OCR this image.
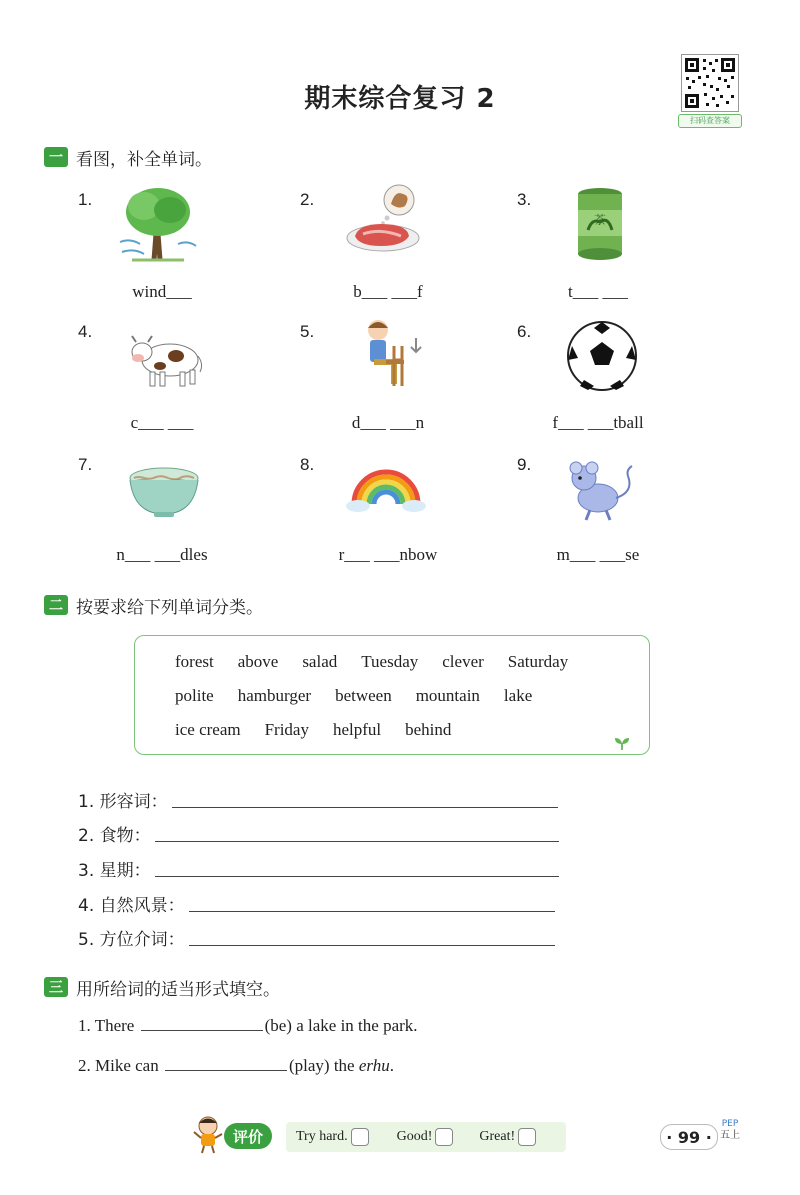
期末综合复习 2
扫码查答案
一 看图，补全单词。
1.	2.	3.
4.	5.	6.
7.	8.	9.
茶
wind___	b___ ___f	t___ ___
c___ ___	d___ ___n	f___ ___tball
n___ ___dles	r___ ___nbow	m___ ___se
二 按要求给下列单词分类。
forest above salad Tuesday clever Saturday
polite hamburger between mountain lake
ice cream Friday helpful behind
1. 形容词：
2. 食物：
3. 星期：
4. 自然风景：
5. 方位介词：
三 用所给词的适当形式填空。
1. There	(be) a lake in the park.
2. Mike can	(play) the erhu.
评价	Try hard.	Good!	Great!	· 99 ·
PEP
五上
